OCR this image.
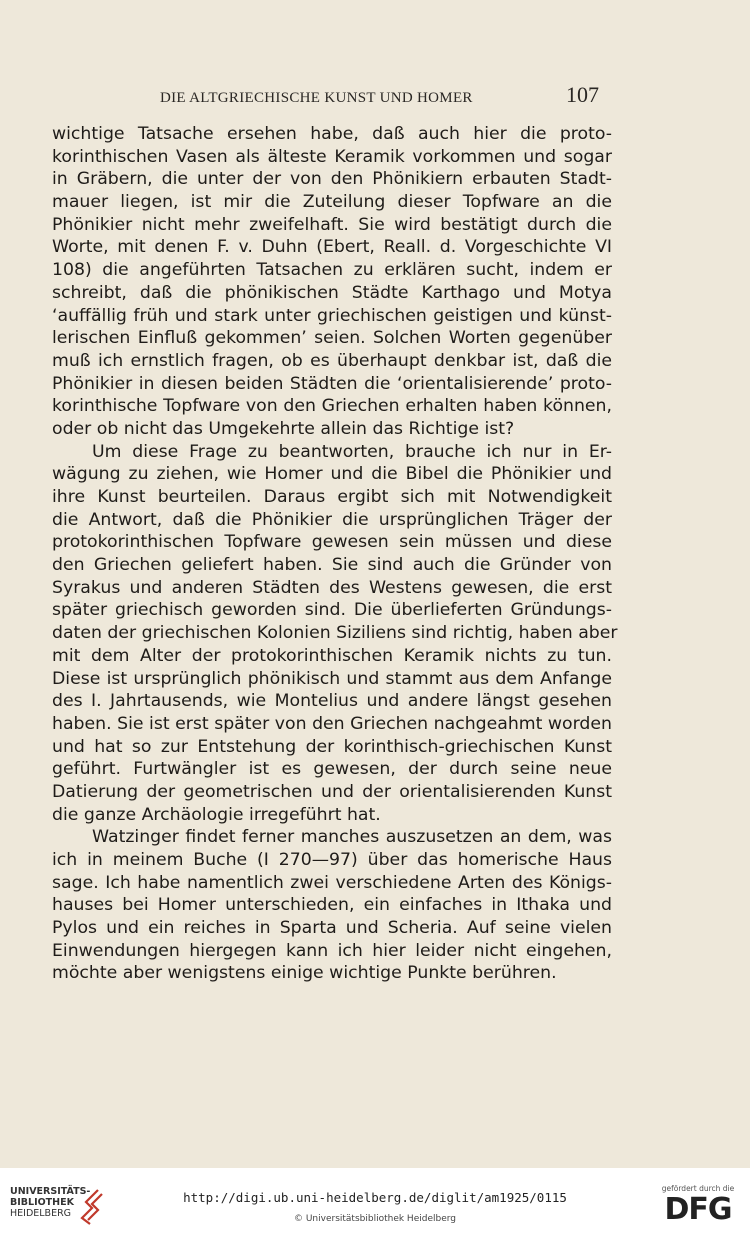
DIE ALTGRIECHISCHE KUNST UND HOMER	107
wichtige Tatsache ersehen habe, daß auch hier die proto-
korinthischen Vasen als älteste Keramik vorkommen und sogar
in Gräbern, die unter der von den Phönikiern erbauten Stadt-
mauer liegen, ist mir die Zuteilung dieser Topfware an die
Phönikier nicht mehr zweifelhaft. Sie wird bestätigt durch die
Worte, mit denen F. v. Duhn (Ebert, Reall. d. Vorgeschichte VI
108) die angeführten Tatsachen zu erklären sucht, indem er
schreibt, daß die phönikischen Städte Karthago und Motya
‘auffällig früh und stark unter griechischen geistigen und künst-
lerischen Einfluß gekommen’ seien. Solchen Worten gegenüber
muß ich ernstlich fragen, ob es überhaupt denkbar ist, daß die
Phönikier in diesen beiden Städten die ‘orientalisierende’ proto-
korinthische Topfware von den Griechen erhalten haben können,
oder ob nicht das Umgekehrte allein das Richtige ist?
Um diese Frage zu beantworten, brauche ich nur in Er-
wägung zu ziehen, wie Homer und die Bibel die Phönikier und
ihre Kunst beurteilen. Daraus ergibt sich mit Notwendigkeit
die Antwort, daß die Phönikier die ursprünglichen Träger der
protokorinthischen Topfware gewesen sein müssen und diese
den Griechen geliefert haben. Sie sind auch die Gründer von
Syrakus und anderen Städten des Westens gewesen, die erst
später griechisch geworden sind. Die überlieferten Gründungs-
daten der griechischen Kolonien Siziliens sind richtig, haben aber
mit dem Alter der protokorinthischen Keramik nichts zu tun.
Diese ist ursprünglich phönikisch und stammt aus dem Anfange
des I. Jahrtausends, wie Montelius und andere längst gesehen
haben. Sie ist erst später von den Griechen nachgeahmt worden
und hat so zur Entstehung der korinthisch-griechischen Kunst
geführt. Furtwängler ist es gewesen, der durch seine neue
Datierung der geometrischen und der orientalisierenden Kunst
die ganze Archäologie irregeführt hat.
Watzinger findet ferner manches auszusetzen an dem, was
ich in meinem Buche (I 270—97) über das homerische Haus
sage. Ich habe namentlich zwei verschiedene Arten des Königs-
hauses bei Homer unterschieden, ein einfaches in Ithaka und
Pylos und ein reiches in Sparta und Scheria. Auf seine vielen
Einwendungen hiergegen kann ich hier leider nicht eingehen,
möchte aber wenigstens einige wichtige Punkte berühren.
UNIVERSITÄTS-
BIBLIOTHEK
HEIDELBERG
http://digi.ub.uni-heidelberg.de/diglit/am1925/0115
© Universitätsbibliothek Heidelberg
gefördert durch die
DFG
